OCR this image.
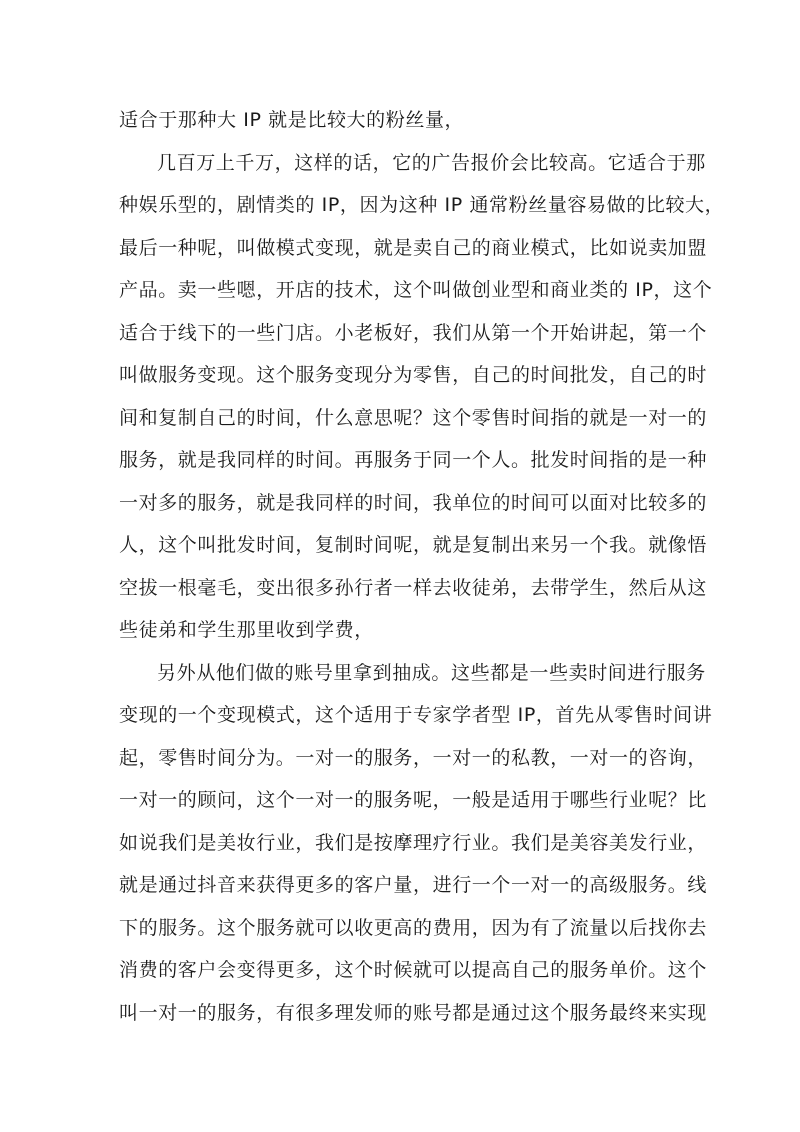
适合于那种大 IP 就是比较大的粉丝量，
几百万上千万，这样的话，它的广告报价会比较高。它适合于那
种娱乐型的，剧情类的 IP，因为这种 IP 通常粉丝量容易做的比较大，
最后一种呢，叫做模式变现，就是卖自己的商业模式，比如说卖加盟
产品。卖一些嗯，开店的技术，这个叫做创业型和商业类的 IP，这个
适合于线下的一些门店。小老板好，我们从第一个开始讲起，第一个
叫做服务变现。这个服务变现分为零售，自己的时间批发，自己的时
间和复制自己的时间，什么意思呢？这个零售时间指的就是一对一的
服务，就是我同样的时间。再服务于同一个人。批发时间指的是一种
一对多的服务，就是我同样的时间，我单位的时间可以面对比较多的
人，这个叫批发时间，复制时间呢，就是复制出来另一个我。就像悟
空拔一根毫毛，变出很多孙行者一样去收徒弟，去带学生，然后从这
些徒弟和学生那里收到学费，
另外从他们做的账号里拿到抽成。这些都是一些卖时间进行服务
变现的一个变现模式，这个适用于专家学者型 IP，首先从零售时间讲
起，零售时间分为。一对一的服务，一对一的私教，一对一的咨询，
一对一的顾问，这个一对一的服务呢，一般是适用于哪些行业呢？比
如说我们是美妆行业，我们是按摩理疗行业。我们是美容美发行业，
就是通过抖音来获得更多的客户量，进行一个一对一的高级服务。线
下的服务。这个服务就可以收更高的费用，因为有了流量以后找你去
消费的客户会变得更多，这个时候就可以提高自己的服务单价。这个
叫一对一的服务，有很多理发师的账号都是通过这个服务最终来实现
